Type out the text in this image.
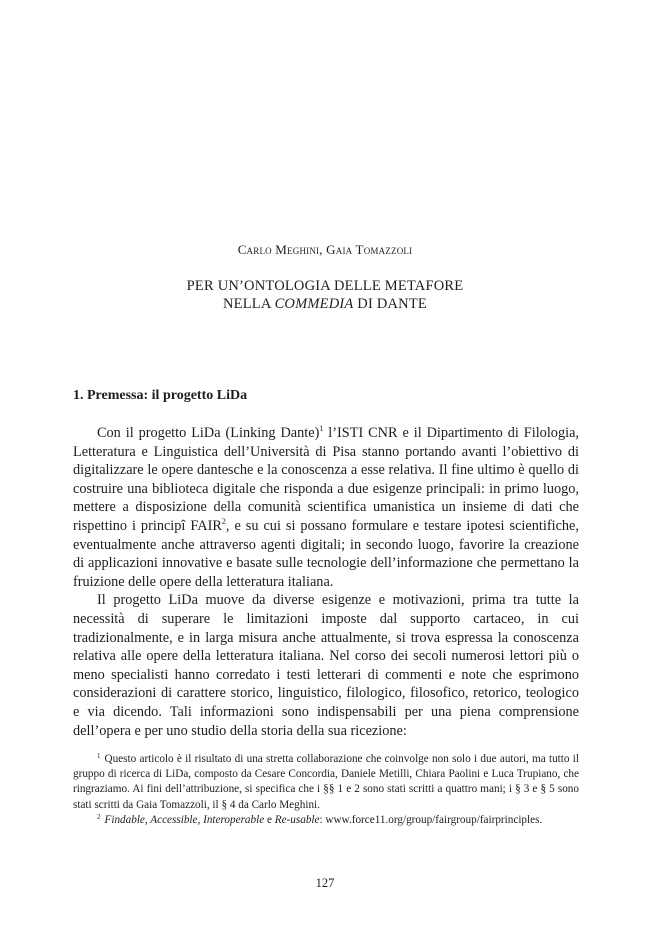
Carlo Meghini, Gaia Tomazzoli
PER UN’ONTOLOGIA DELLE METAFORE
NELLA COMMEDIA DI DANTE
1. Premessa: il progetto LiDa

Con il progetto LiDa (Linking Dante)$^1$ l’ISTI CNR e il Dipartimento di Filologia, Letteratura e Linguistica dell’Università di Pisa stanno portando avanti l’obiettivo di digitalizzare le opere dantesche e la conoscenza a esse relativa. Il fine ultimo è quello di costruire una biblioteca digitale che risponda a due esigenze principali: in primo luogo, mettere a disposizione della comunità scientifica umanistica un insieme di dati che rispettino i principî FAIR$^2$, e su cui si possano formulare e testare ipotesi scientifiche, eventualmente anche attraverso agenti digitali; in secondo luogo, favorire la creazione di applicazioni innovative e basate sulle tecnologie dell’informazione che permettano la fruizione delle opere della letteratura italiana.

Il progetto LiDa muove da diverse esigenze e motivazioni, prima tra tutte la necessità di superare le limitazioni imposte dal supporto cartaceo, in cui tradizionalmente, e in larga misura anche attualmente, si trova espressa la conoscenza relativa alle opere della letteratura italiana. Nel corso dei secoli numerosi lettori più o meno specialisti hanno corredato i testi letterari di commenti e note che esprimono considerazioni di carattere storico, linguistico, filologico, filosofico, retorico, teologico e via dicendo. Tali informazioni sono indispensabili per una piena comprensione dell’opera e per uno studio della storia della sua ricezione:

$^1$ Questo articolo è il risultato di una stretta collaborazione che coinvolge non solo i due autori, ma tutto il gruppo di ricerca di LiDa, composto da Cesare Concordia, Daniele Metilli, Chiara Paolini e Luca Trupiano, che ringraziamo. Ai fini dell’attribuzione, si specifica che i §§ 1 e 2 sono stati scritti a quattro mani; i § 3 e § 5 sono stati scritti da Gaia Tomazzoli, il § 4 da Carlo Meghini.

$^2$ Findable, Accessible, Interoperable e Re-usable: www.force11.org/group/fairgroup/fairprinciples.

127
